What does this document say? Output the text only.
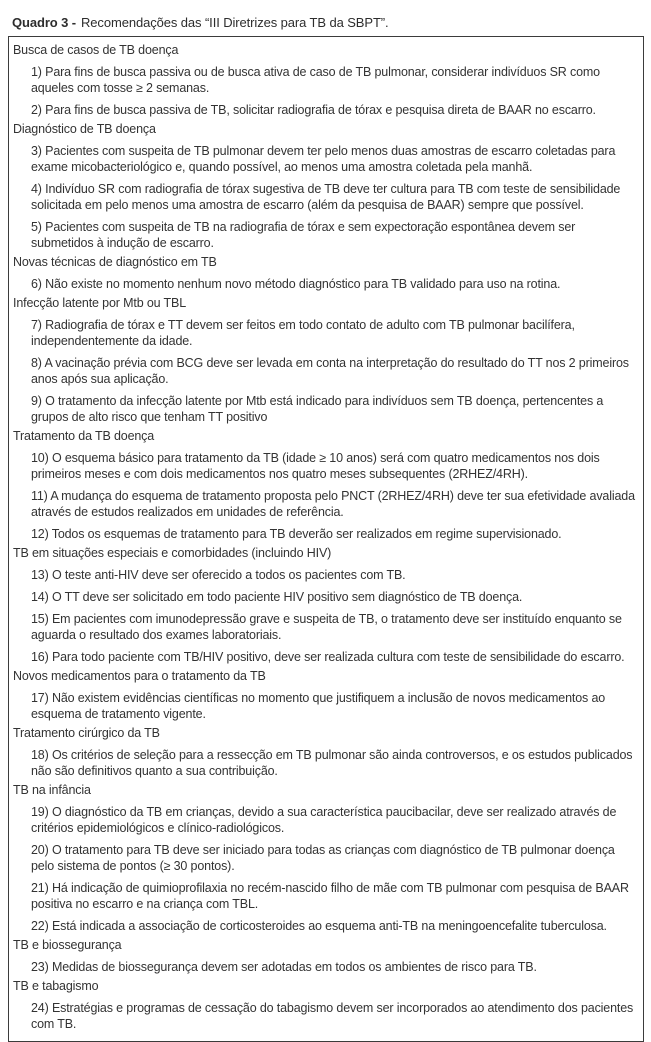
Quadro 3 - Recomendações das “III Diretrizes para TB da SBPT”.
Busca de casos de TB doença
1) Para fins de busca passiva ou de busca ativa de caso de TB pulmonar, considerar indivíduos SR como aqueles com tosse ≥ 2 semanas.
2) Para fins de busca passiva de TB, solicitar radiografia de tórax e pesquisa direta de BAAR no escarro.
Diagnóstico de TB doença
3) Pacientes com suspeita de TB pulmonar devem ter pelo menos duas amostras de escarro coletadas para exame micobacteriológico e, quando possível, ao menos uma amostra coletada pela manhã.
4) Indivíduo SR com radiografia de tórax sugestiva de TB deve ter cultura para TB com teste de sensibilidade solicitada em pelo menos uma amostra de escarro (além da pesquisa de BAAR) sempre que possível.
5) Pacientes com suspeita de TB na radiografia de tórax e sem expectoração espontânea devem ser submetidos à indução de escarro.
Novas técnicas de diagnóstico em TB
6) Não existe no momento nenhum novo método diagnóstico para TB validado para uso na rotina.
Infecção latente por Mtb ou TBL
7) Radiografia de tórax e TT devem ser feitos em todo contato de adulto com TB pulmonar bacilífera, independentemente da idade.
8) A vacinação prévia com BCG deve ser levada em conta na interpretação do resultado do TT nos 2 primeiros anos após sua aplicação.
9) O tratamento da infecção latente por Mtb está indicado para indivíduos sem TB doença, pertencentes a grupos de alto risco que tenham TT positivo
Tratamento da TB doença
10) O esquema básico para tratamento da TB (idade ≥ 10 anos) será com quatro medicamentos nos dois primeiros meses e com dois medicamentos nos quatro meses subsequentes (2RHEZ/4RH).
11) A mudança do esquema de tratamento proposta pelo PNCT (2RHEZ/4RH) deve ter sua efetividade avaliada através de estudos realizados em unidades de referência.
12) Todos os esquemas de tratamento para TB deverão ser realizados em regime supervisionado.
TB em situações especiais e comorbidades (incluindo HIV)
13) O teste anti-HIV deve ser oferecido a todos os pacientes com TB.
14) O TT deve ser solicitado em todo paciente HIV positivo sem diagnóstico de TB doença.
15) Em pacientes com imunodepressão grave e suspeita de TB, o tratamento deve ser instituído enquanto se aguarda o resultado dos exames laboratoriais.
16) Para todo paciente com TB/HIV positivo, deve ser realizada cultura com teste de sensibilidade do escarro.
Novos medicamentos para o tratamento da TB
17) Não existem evidências científicas no momento que justifiquem a inclusão de novos medicamentos ao esquema de tratamento vigente.
Tratamento cirúrgico da TB
18) Os critérios de seleção para a ressecção em TB pulmonar são ainda controversos, e os estudos publicados não são definitivos quanto a sua contribuição.
TB na infância
19) O diagnóstico da TB em crianças, devido a sua característica paucibacilar, deve ser realizado através de critérios epidemiológicos e clínico-radiológicos.
20) O tratamento para TB deve ser iniciado para todas as crianças com diagnóstico de TB pulmonar doença pelo sistema de pontos (≥ 30 pontos).
21) Há indicação de quimioprofilaxia no recém-nascido filho de mãe com TB pulmonar com pesquisa de BAAR positiva no escarro e na criança com TBL.
22) Está indicada a associação de corticosteroides ao esquema anti-TB na meningoencefalite tuberculosa.
TB e biossegurança
23) Medidas de biossegurança devem ser adotadas em todos os ambientes de risco para TB.
TB e tabagismo
24) Estratégias e programas de cessação do tabagismo devem ser incorporados ao atendimento dos pacientes com TB.
